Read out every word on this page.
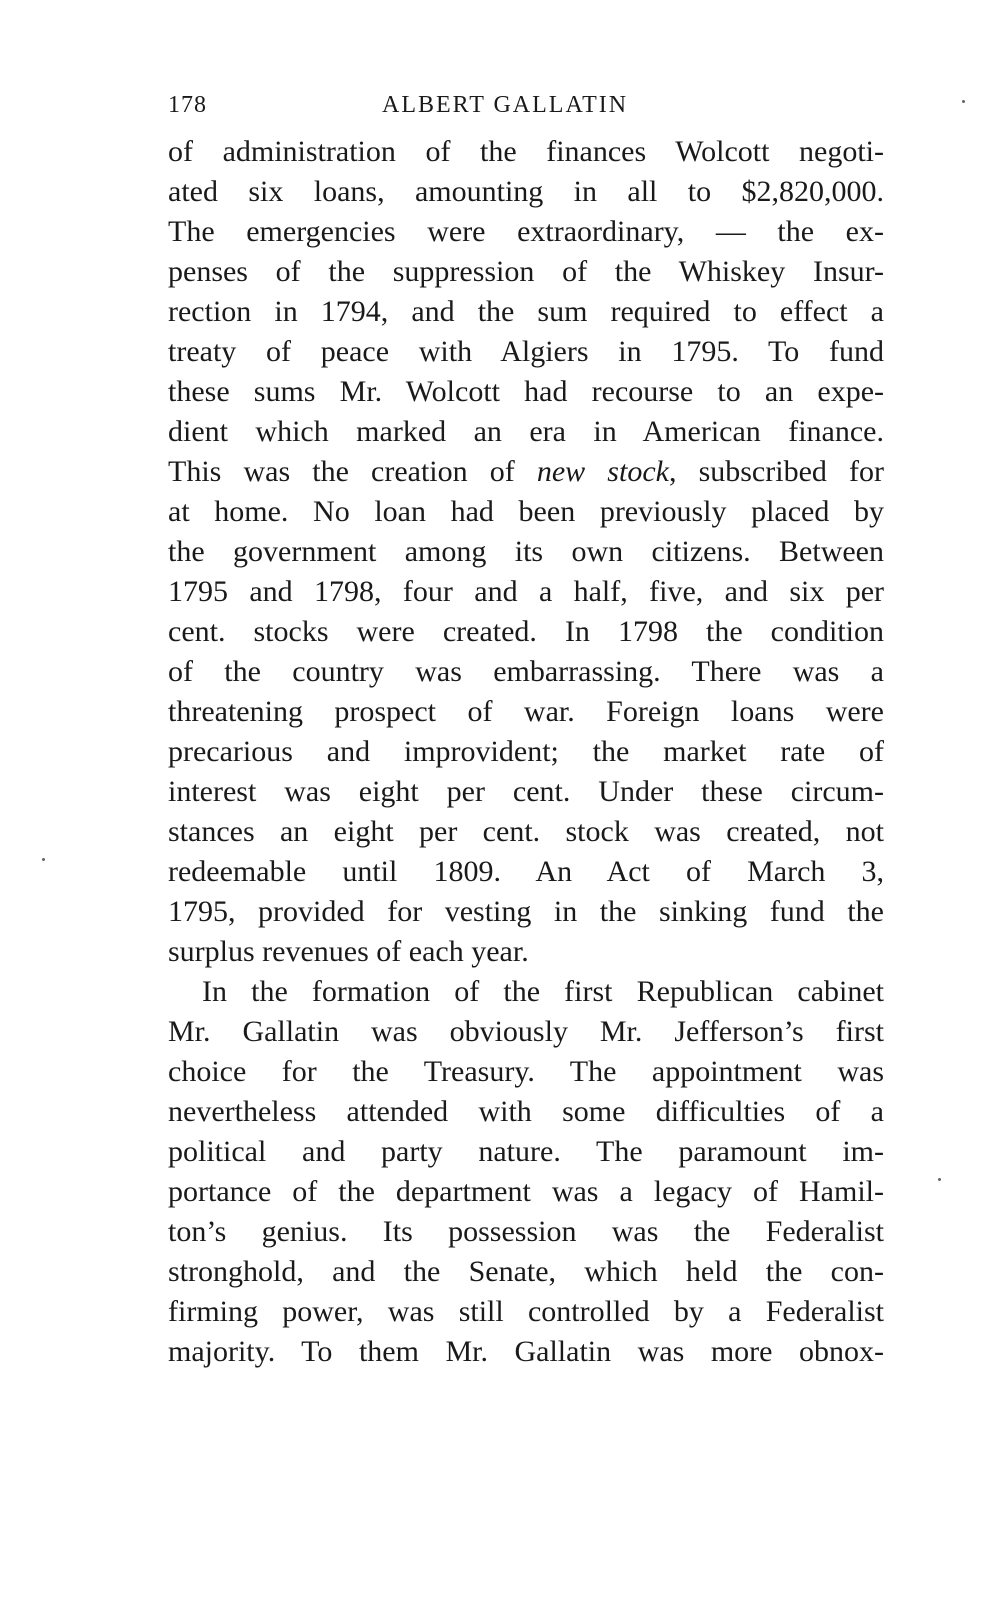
178	ALBERT GALLATIN
of administration of the finances Wolcott negoti-
ated six loans, amounting in all to $2,820,000.
The emergencies were extraordinary, — the ex-
penses of the suppression of the Whiskey Insur-
rection in 1794, and the sum required to effect a
treaty of peace with Algiers in 1795. To fund
these sums Mr. Wolcott had recourse to an expe-
dient which marked an era in American finance.
This was the creation of new stock, subscribed for
at home. No loan had been previously placed by
the government among its own citizens. Between
1795 and 1798, four and a half, five, and six per
cent. stocks were created. In 1798 the condition
of the country was embarrassing. There was a
threatening prospect of war. Foreign loans were
precarious and improvident; the market rate of
interest was eight per cent. Under these circum-
stances an eight per cent. stock was created, not
redeemable until 1809. An Act of March 3,
1795, provided for vesting in the sinking fund the
surplus revenues of each year.
In the formation of the first Republican cabinet
Mr. Gallatin was obviously Mr. Jefferson’s first
choice for the Treasury. The appointment was
nevertheless attended with some difficulties of a
political and party nature. The paramount im-
portance of the department was a legacy of Hamil-
ton’s genius. Its possession was the Federalist
stronghold, and the Senate, which held the con-
firming power, was still controlled by a Federalist
majority. To them Mr. Gallatin was more obnox-
